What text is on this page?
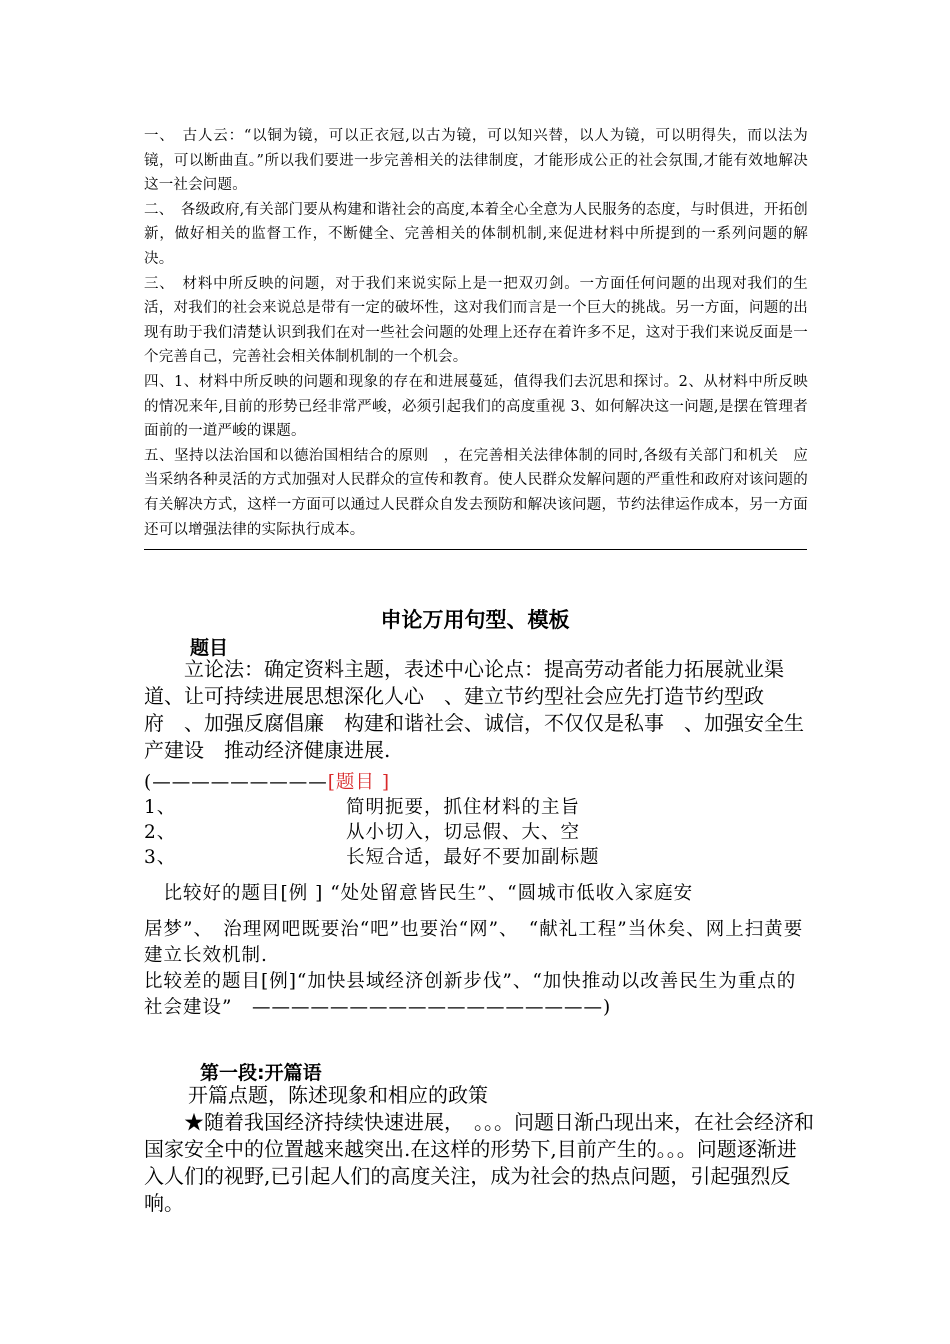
一、　古人云：“以铜为镜，可以正衣冠,以古为镜，可以知兴替，以人为镜，可以明得失，而以法为镜，可以断曲直。”所以我们要进一步完善相关的法律制度，才能形成公正的社会氛围,才能有效地解决这一社会问题。

二、　各级政府,有关部门要从构建和谐社会的高度,本着全心全意为人民服务的态度，与时俱进，开拓创新，做好相关的监督工作，不断健全、完善相关的体制机制,来促进材料中所提到的一系列问题的解决。

三、　材料中所反映的问题，对于我们来说实际上是一把双刃剑。一方面任何问题的出现对我们的生活，对我们的社会来说总是带有一定的破坏性，这对我们而言是一个巨大的挑战。另一方面，问题的出现有助于我们清楚认识到我们在对一些社会问题的处理上还存在着许多不足，这对于我们来说反面是一个完善自己，完善社会相关体制机制的一个机会。

四、1、材料中所反映的问题和现象的存在和进展蔓延，值得我们去沉思和探讨。2、从材料中所反映的情况来年,目前的形势已经非常严峻，必须引起我们的高度重视 3、如何解决这一问题,是摆在管理者面前的一道严峻的课题。

五、坚持以法治国和以德治国相结合的原则　，在完善相关法律体制的同时,各级有关部门和机关　应当采纳各种灵活的方式加强对人民群众的宣传和教育。使人民群众发解问题的严重性和政府对该问题的有关解决方式，这样一方面可以通过人民群众自发去预防和解决该问题，节约法律运作成本，另一方面还可以增强法律的实际执行成本。

申论万用句型、模板
题目

　　立论法：确定资料主题，表述中心论点：提高劳动者能力拓展就业渠道、让可持续进展思想深化人心　、建立节约型社会应先打造节约型政府　、加强反腐倡廉　构建和谐社会、诚信，不仅仅是私事　、加强安全生产建设　推动经济健康进展.

(—————————[题目 ]
1、	简明扼要，抓住材料的主旨
2、	从小切入，切忌假、大、空
3、	长短合适，最好不要加副标题

　比较好的题目[例 ] “处处留意皆民生”、“圆城市低收入家庭安

居梦”、　治理网吧既要治“吧”也要治“网”、　“献礼工程”当休矣、网上扫黄要建立长效机制.

比较差的题目[例]“加快县域经济创新步伐”、“加快推动以改善民生为重点的社会建设”　——————————————————)

第一段:开篇语

开篇点题，陈述现象和相应的政策

　　★随着我国经济持续快速进展，　。。。问题日渐凸现出来，在社会经济和国家安全中的位置越来越突出.在这样的形势下,目前产生的。。。问题逐渐进入人们的视野,已引起人们的高度关注，成为社会的热点问题，引起强烈反响。
